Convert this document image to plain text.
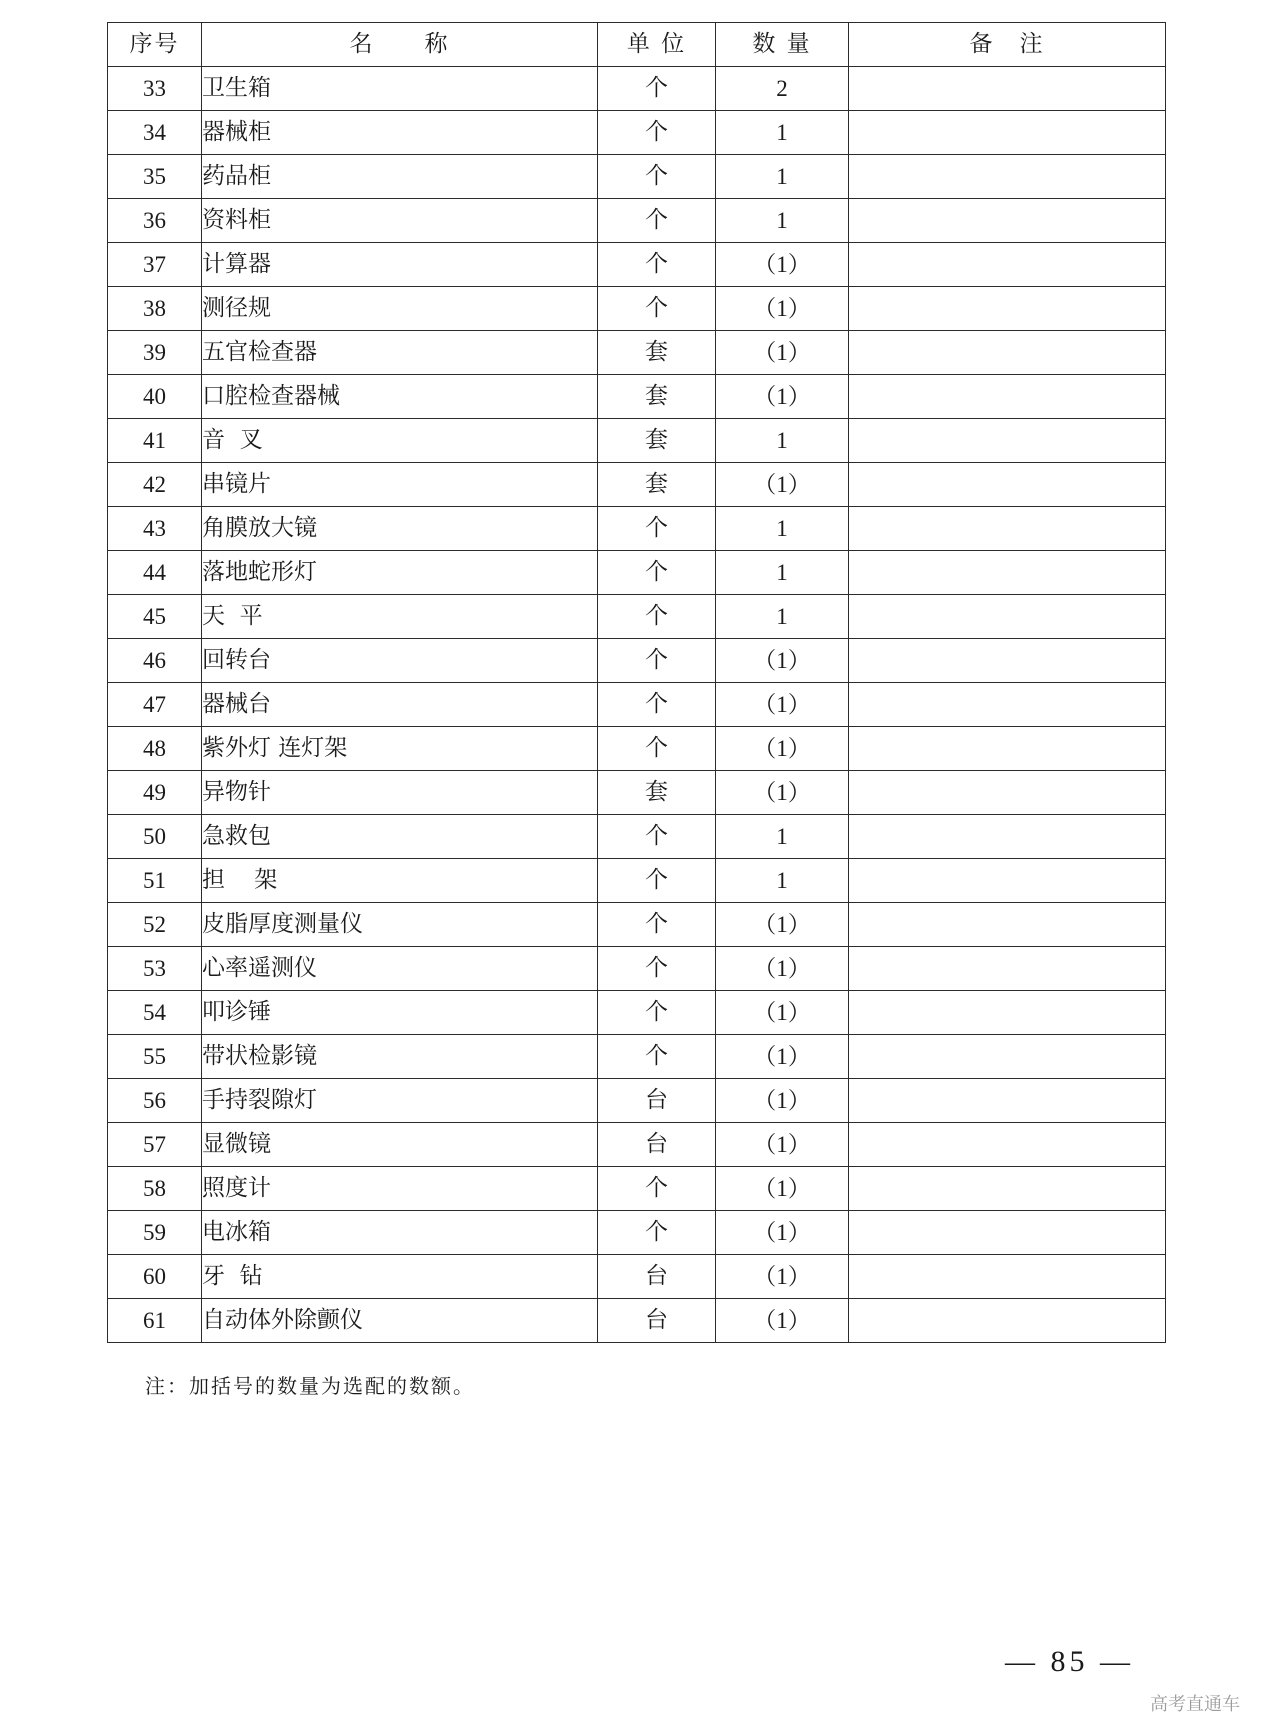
序号	名　　称	单 位	数 量	备　注
33	卫生箱	个	2	
34	器械柜	个	1	
35	药品柜	个	1	
36	资料柜	个	1	
37	计算器	个	（1）	
38	测径规	个	（1）	
39	五官检查器	套	（1）	
40	口腔检查器械	套	（1）	
41	音  叉	套	1	
42	串镜片	套	（1）	
43	角膜放大镜	个	1	
44	落地蛇形灯	个	1	
45	天  平	个	1	
46	回转台	个	（1）	
47	器械台	个	（1）	
48	紫外灯 连灯架	个	（1）	
49	异物针	套	（1）	
50	急救包	个	1	
51	担    架	个	1	
52	皮脂厚度测量仪	个	（1）	
53	心率遥测仪	个	（1）	
54	叩诊锤	个	（1）	
55	带状检影镜	个	（1）	
56	手持裂隙灯	台	（1）	
57	显微镜	台	（1）	
58	照度计	个	（1）	
59	电冰箱	个	（1）	
60	牙  钻	台	（1）	
61	自动体外除颤仪	台	（1）	
注：加括号的数量为选配的数额。
— 85 —
高考直通车
